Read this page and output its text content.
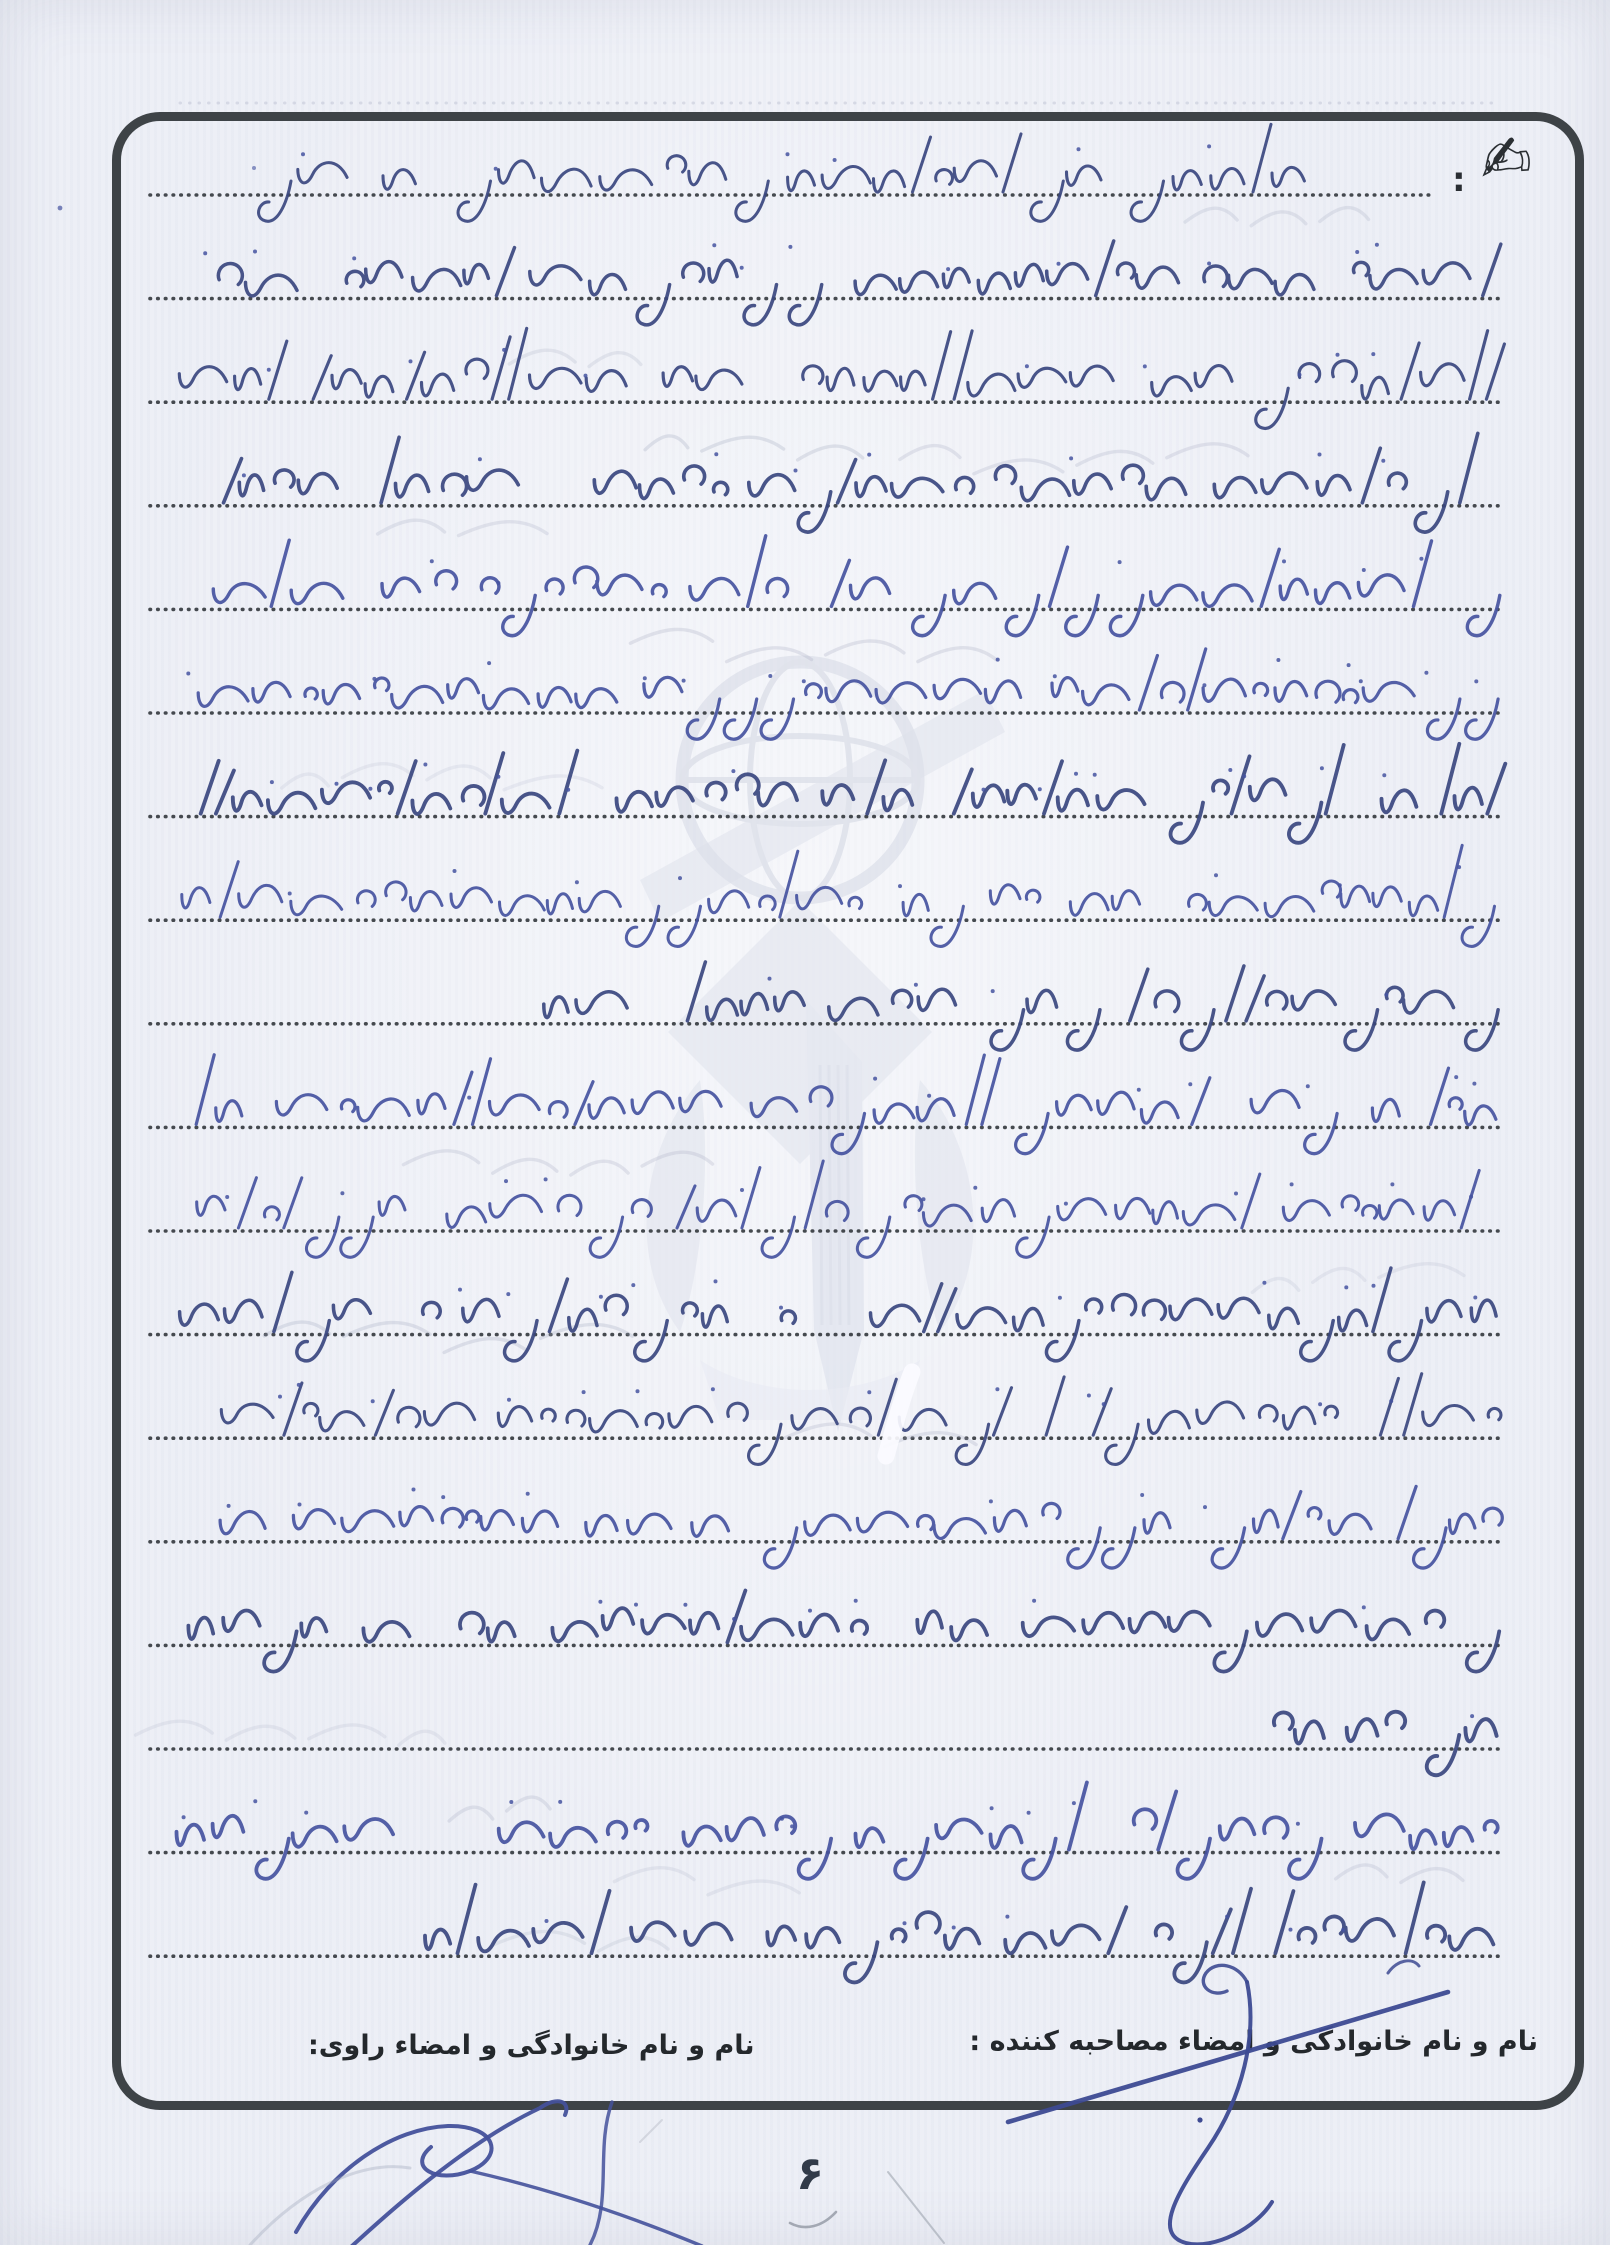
✍
:
نام و نام خانوادگی و امضاء مصاحبه کننده :
نام و نام خانوادگی و امضاء راوی:
۶
